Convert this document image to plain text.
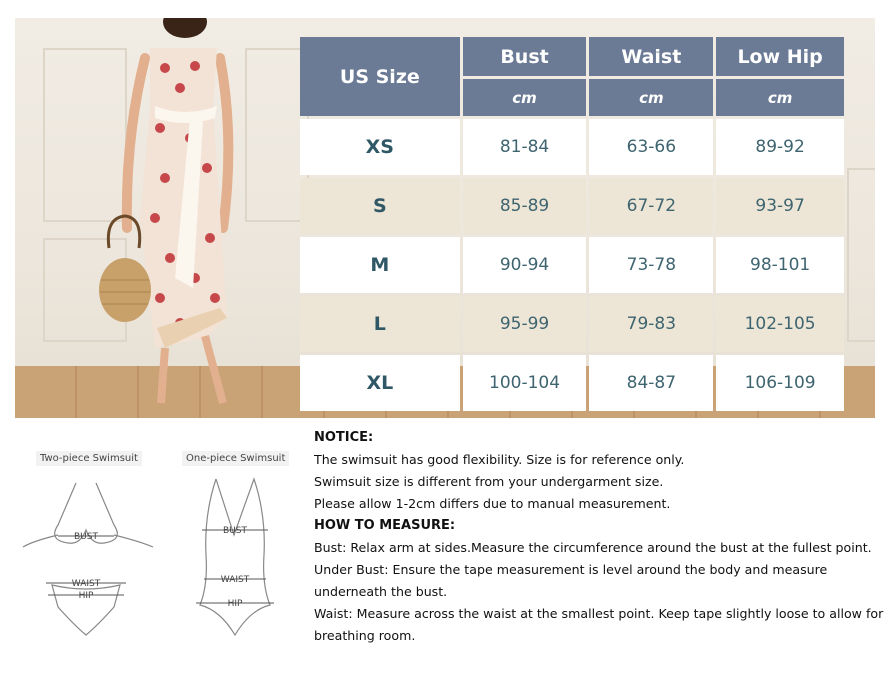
US Size	Bust	Waist	Low Hip
	cm	cm	cm
XS	81-84	63-66	89-92
S	85-89	67-72	93-97
M	90-94	73-78	98-101
L	95-99	79-83	102-105
XL	100-104	84-87	106-109
Two-piece Swimsuit
BUST
WAIST
HIP
One-piece Swimsuit
BUST
WAIST
HIP

NOTICE:

The swimsuit has good flexibility. Size is for reference only.

Swimsuit size is different from your undergarment size.

Please allow 1-2cm differs due to manual measurement.

HOW TO MEASURE:

Bust: Relax arm at sides.Measure the circumference around the bust at the fullest point.

Under Bust: Ensure the tape measurement is level around the body and measure underneath the bust.

Waist: Measure across the waist at the smallest point. Keep tape slightly loose to allow for breathing room.
